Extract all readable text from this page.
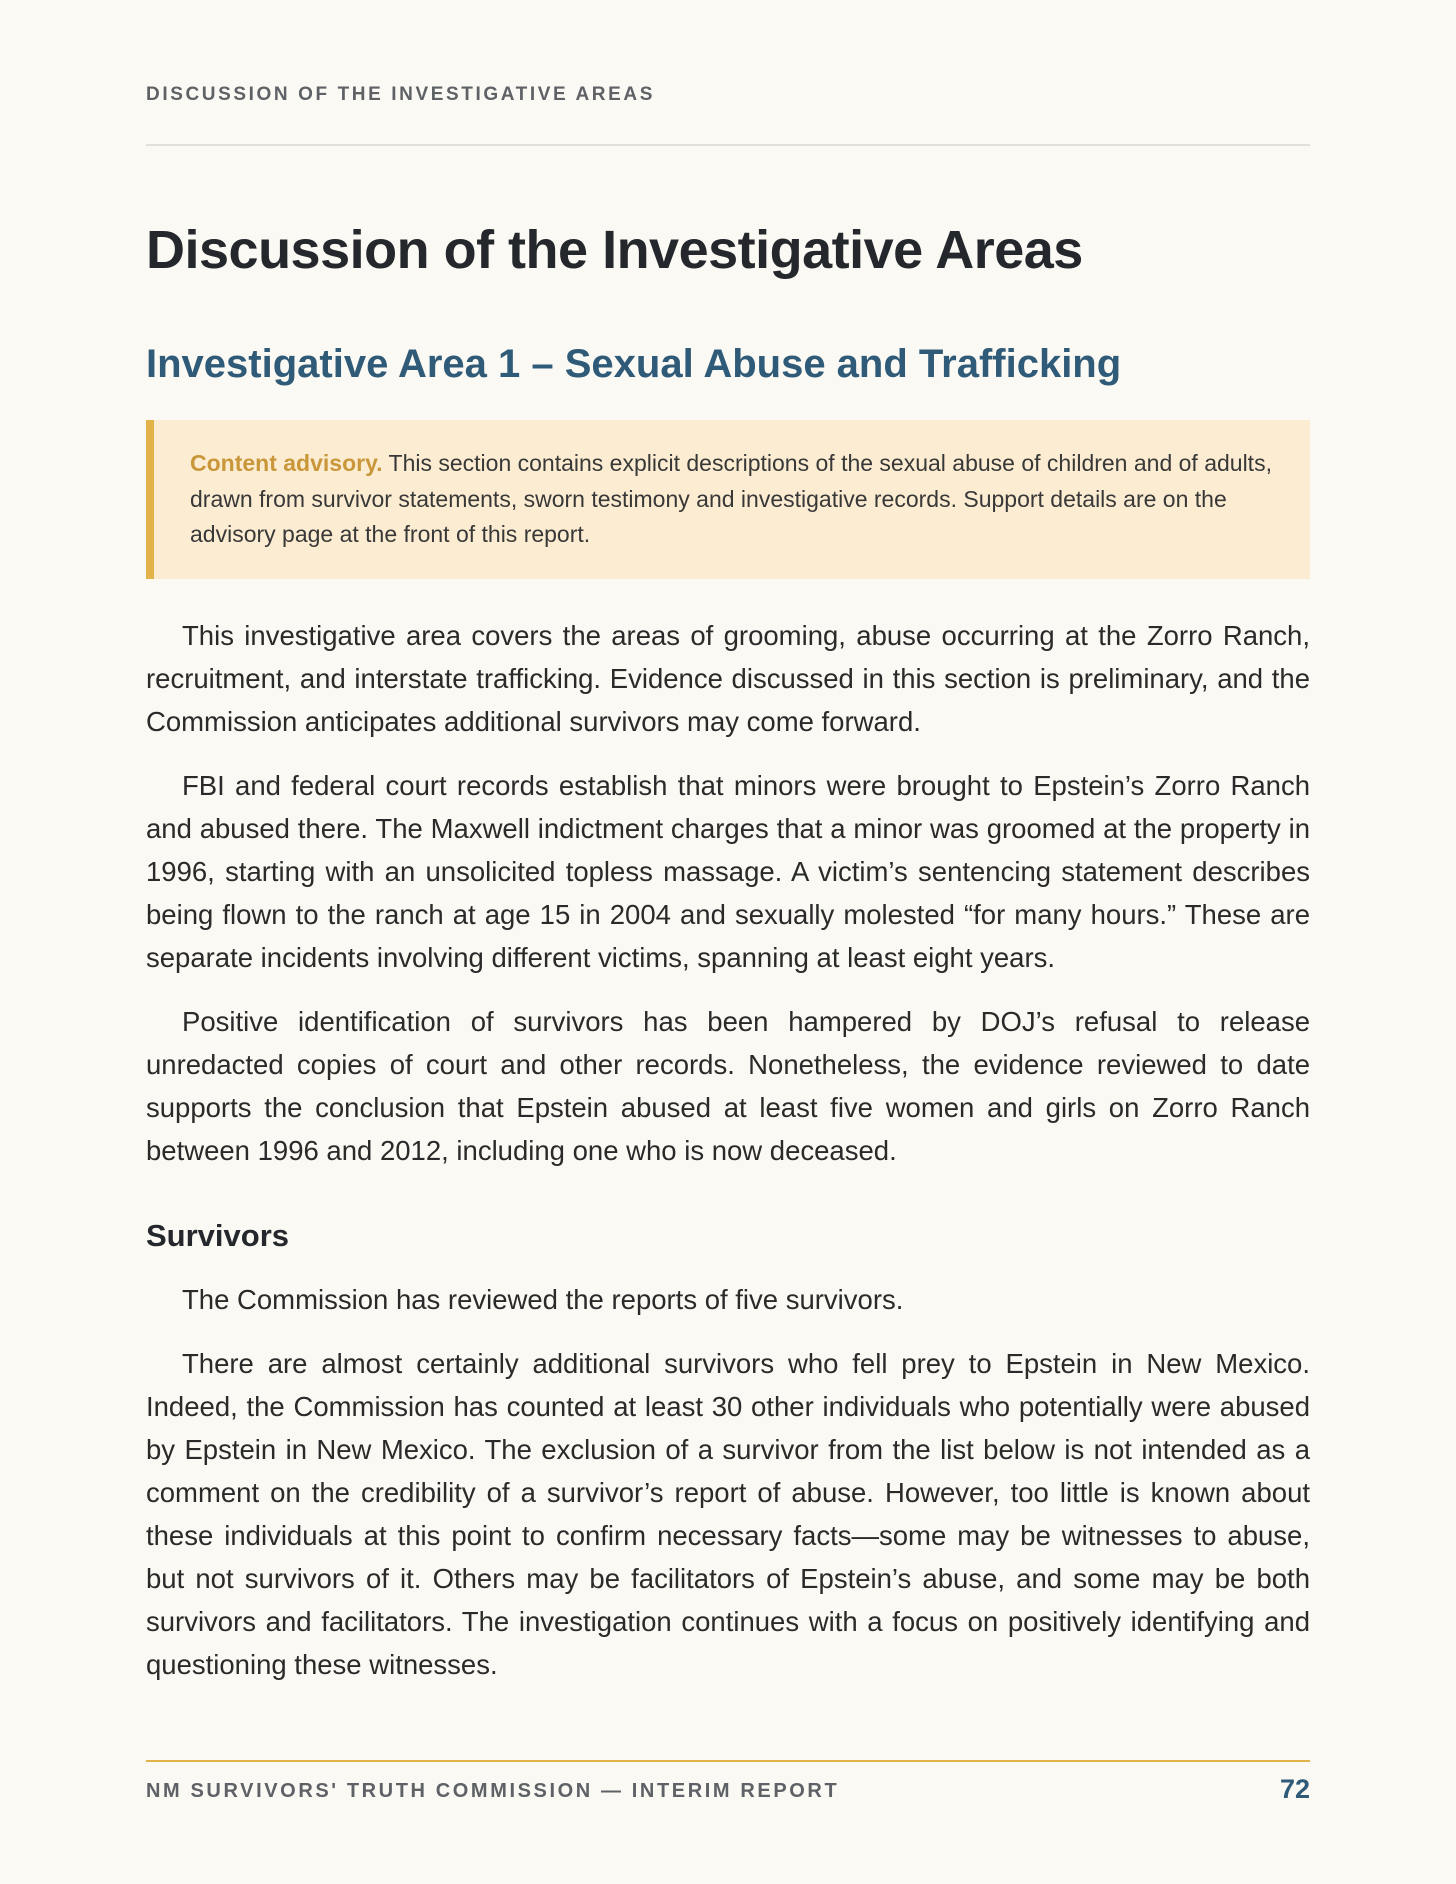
DISCUSSION OF THE INVESTIGATIVE AREAS
Discussion of the Investigative Areas
Investigative Area 1 – Sexual Abuse and Trafficking
Content advisory. This section contains explicit descriptions of the sexual abuse of children and of adults, drawn from survivor statements, sworn testimony and investigative records. Support details are on the advisory page at the front of this report.

This investigative area covers the areas of grooming, abuse occurring at the Zorro Ranch, recruitment, and interstate trafficking. Evidence discussed in this section is preliminary, and the Commission anticipates additional survivors may come forward.

FBI and federal court records establish that minors were brought to Epstein’s Zorro Ranch and abused there. The Maxwell indictment charges that a minor was groomed at the property in 1996, starting with an unsolicited topless massage. A victim’s sentencing statement describes being flown to the ranch at age 15 in 2004 and sexually molested “for many hours.” These are separate incidents involving different victims, spanning at least eight years.

Positive identification of survivors has been hampered by DOJ’s refusal to release unredacted copies of court and other records. Nonetheless, the evidence reviewed to date supports the conclusion that Epstein abused at least five women and girls on Zorro Ranch between 1996 and 2012, including one who is now deceased.

Survivors

The Commission has reviewed the reports of five survivors.

There are almost certainly additional survivors who fell prey to Epstein in New Mexico. Indeed, the Commission has counted at least 30 other individuals who potentially were abused by Epstein in New Mexico. The exclusion of a survivor from the list below is not intended as a comment on the credibility of a survivor’s report of abuse. However, too little is known about these individuals at this point to confirm necessary facts—some may be witnesses to abuse, but not survivors of it. Others may be facilitators of Epstein’s abuse, and some may be both survivors and facilitators. The investigation continues with a focus on positively identifying and questioning these witnesses.

NM SURVIVORS' TRUTH COMMISSION — INTERIM REPORT	72
